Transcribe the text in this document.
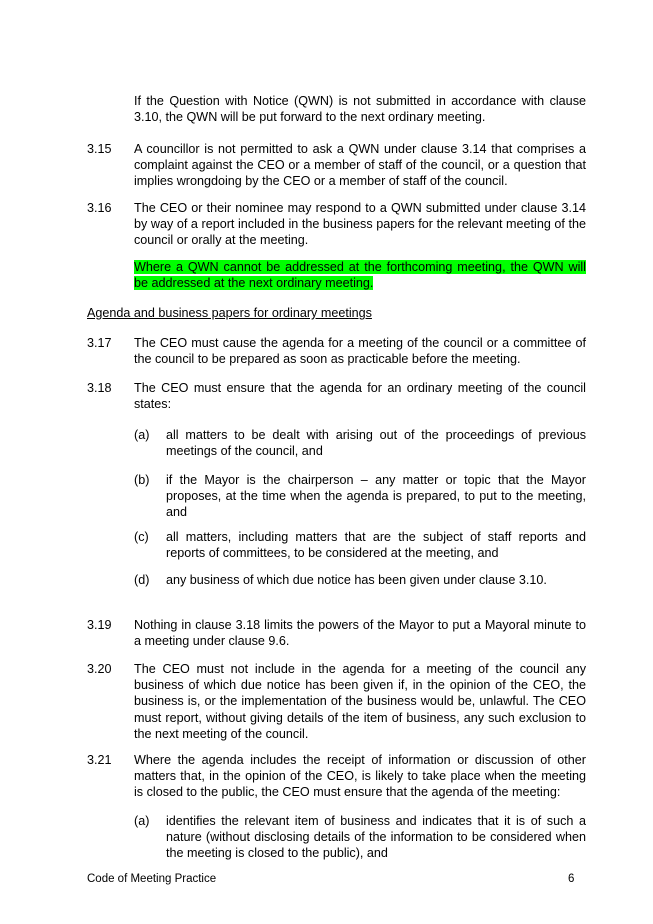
If the Question with Notice (QWN) is not submitted in accordance with clause 3.10, the QWN will be put forward to the next ordinary meeting.
3.15 A councillor is not permitted to ask a QWN under clause 3.14 that comprises a complaint against the CEO or a member of staff of the council, or a question that implies wrongdoing by the CEO or a member of staff of the council.
3.16 The CEO or their nominee may respond to a QWN submitted under clause 3.14 by way of a report included in the business papers for the relevant meeting of the council or orally at the meeting.
Where a QWN cannot be addressed at the forthcoming meeting, the QWN will be addressed at the next ordinary meeting.
Agenda and business papers for ordinary meetings
3.17 The CEO must cause the agenda for a meeting of the council or a committee of the council to be prepared as soon as practicable before the meeting.
3.18 The CEO must ensure that the agenda for an ordinary meeting of the council states:
(a) all matters to be dealt with arising out of the proceedings of previous meetings of the council, and
(b) if the Mayor is the chairperson – any matter or topic that the Mayor proposes, at the time when the agenda is prepared, to put to the meeting, and
(c) all matters, including matters that are the subject of staff reports and reports of committees, to be considered at the meeting, and
(d) any business of which due notice has been given under clause 3.10.
3.19 Nothing in clause 3.18 limits the powers of the Mayor to put a Mayoral minute to a meeting under clause 9.6.
3.20 The CEO must not include in the agenda for a meeting of the council any business of which due notice has been given if, in the opinion of the CEO, the business is, or the implementation of the business would be, unlawful. The CEO must report, without giving details of the item of business, any such exclusion to the next meeting of the council.
3.21 Where the agenda includes the receipt of information or discussion of other matters that, in the opinion of the CEO, is likely to take place when the meeting is closed to the public, the CEO must ensure that the agenda of the meeting:
(a) identifies the relevant item of business and indicates that it is of such a nature (without disclosing details of the information to be considered when the meeting is closed to the public), and
Code of Meeting Practice	6
